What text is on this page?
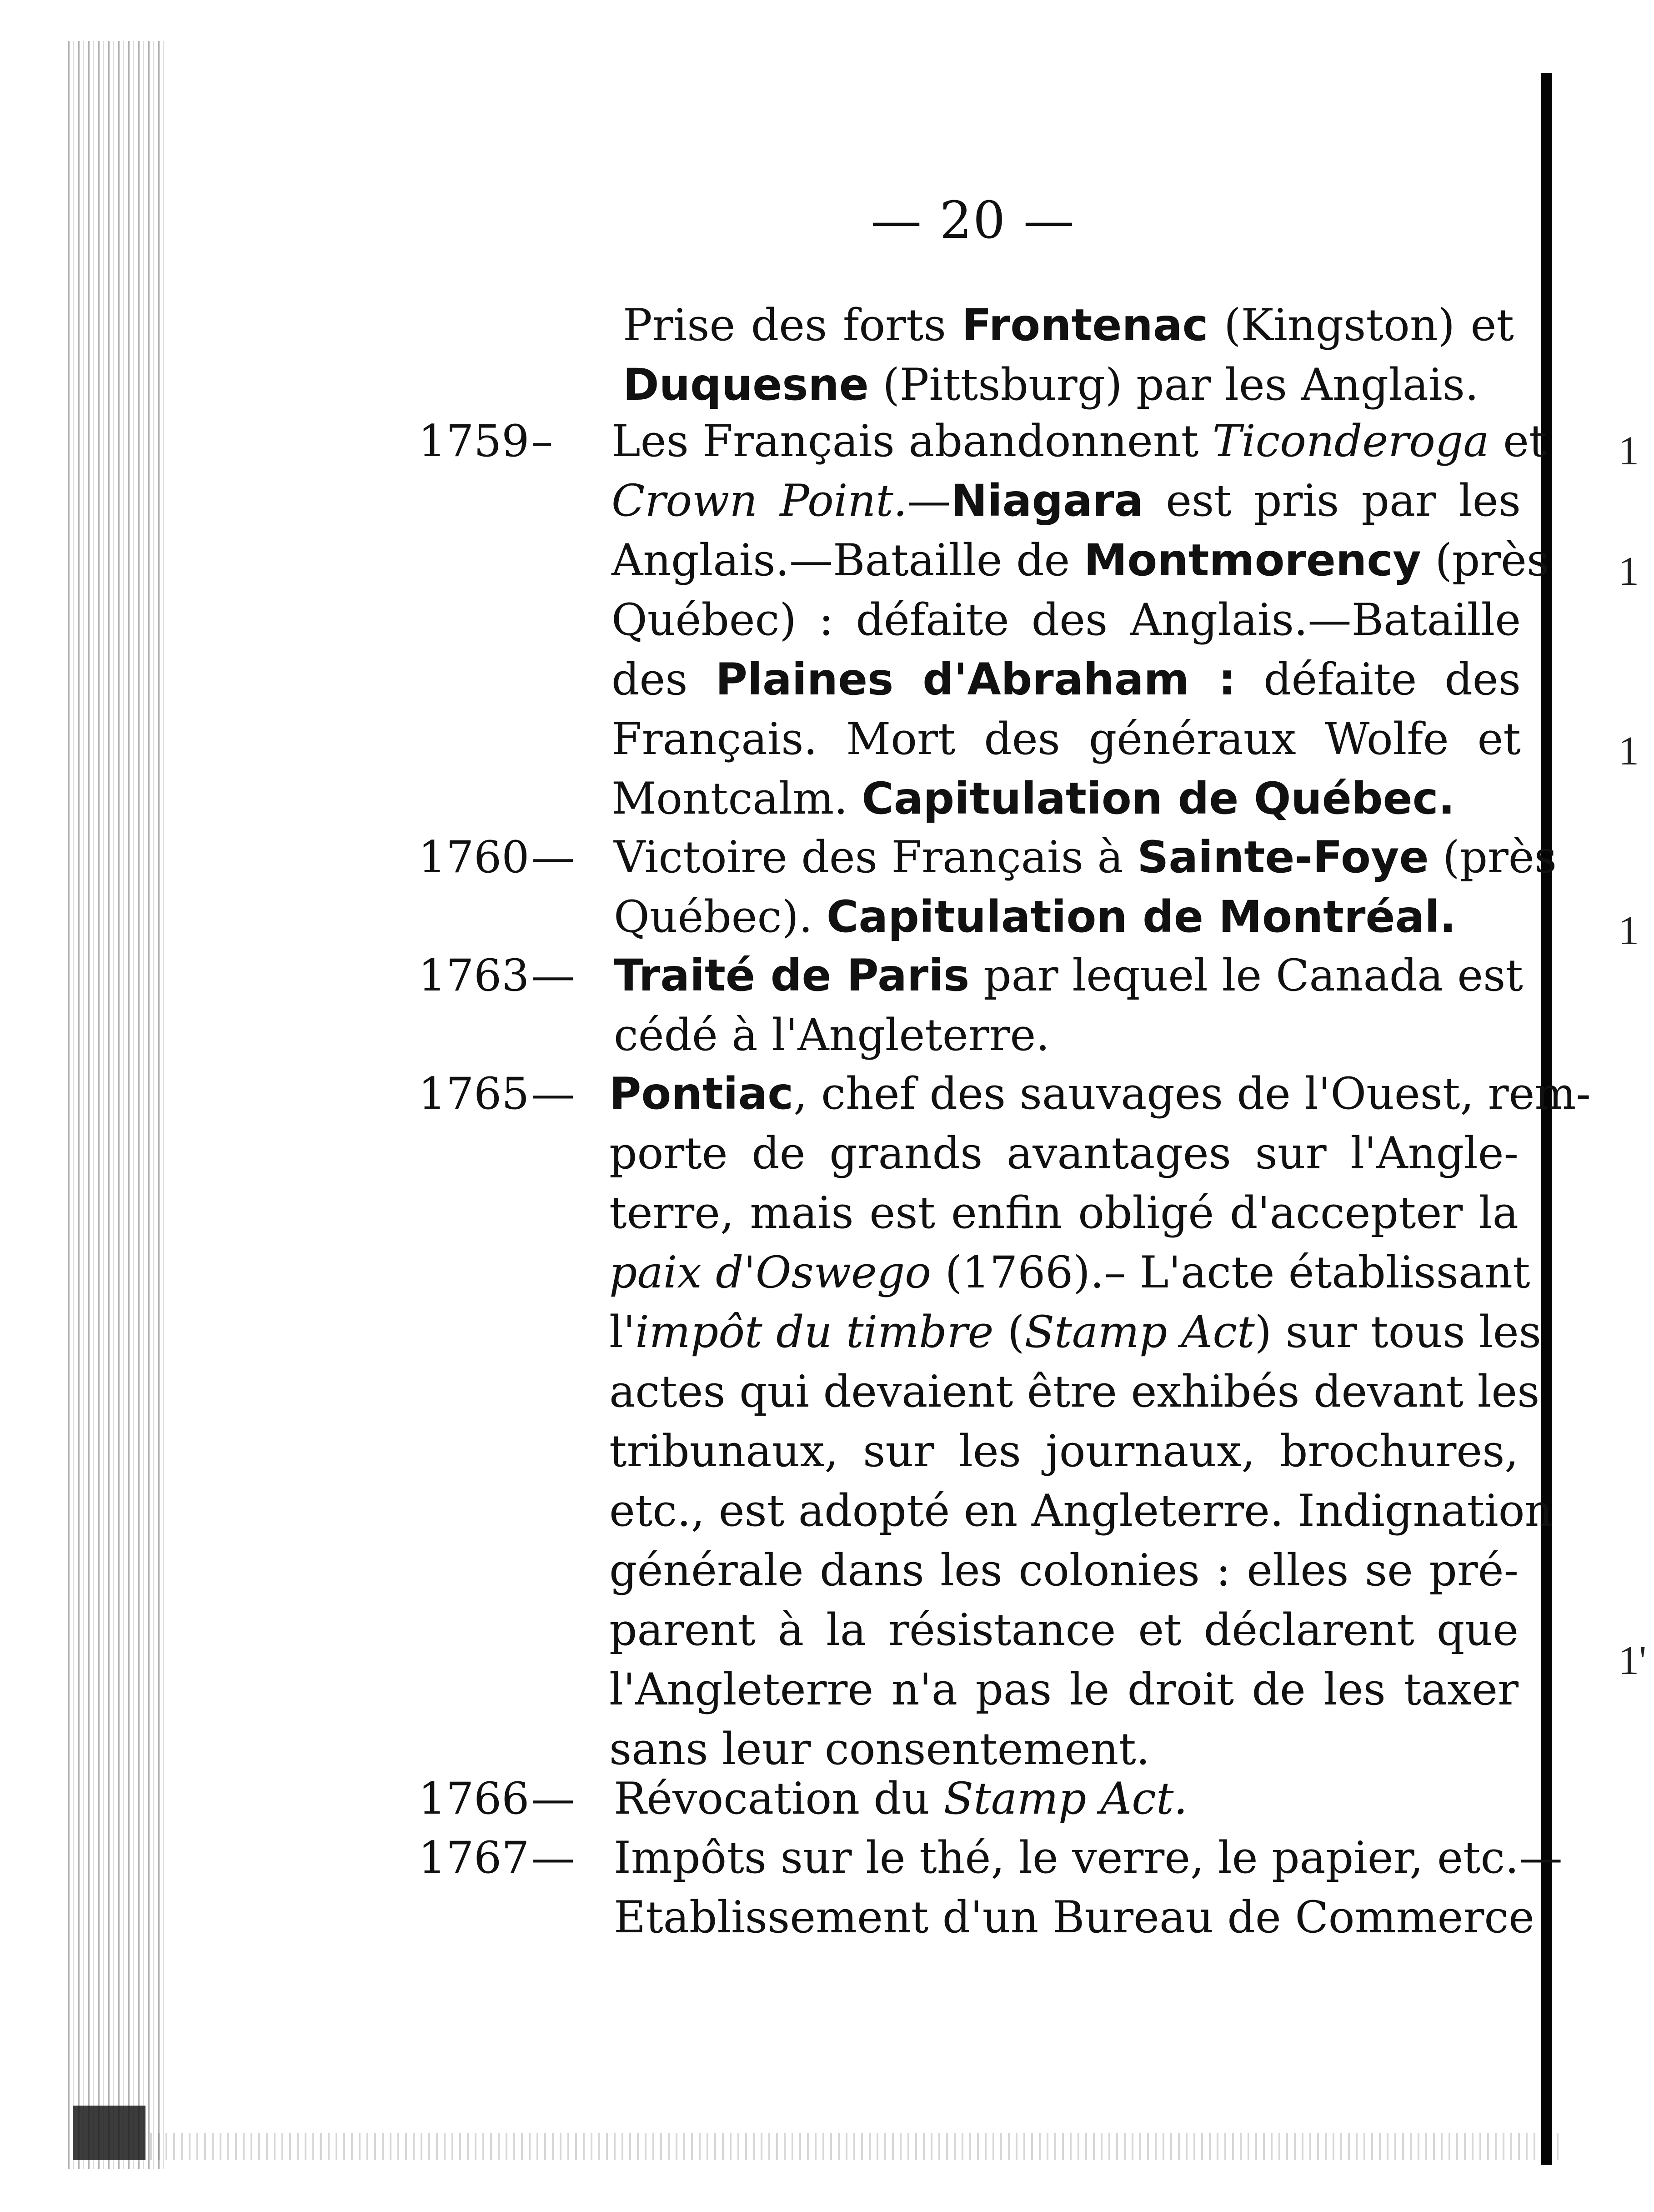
— 20 —
Prise des forts Frontenac (Kingston) et
Duquesne (Pittsburg) par les Anglais.
1759–	Les Français abandonnent Ticonderoga et
Crown Point.—Niagara est pris par les
Anglais.—Bataille de Montmorency (près
Québec) : défaite des Anglais.—Bataille
des Plaines d'Abraham : défaite des
Français. Mort des généraux Wolfe et
Montcalm. Capitulation de Québec.
1760— Victoire des Français à Sainte-Foye (près
Québec). Capitulation de Montréal.
1763— Traité de Paris par lequel le Canada est
cédé à l'Angleterre.
1765— Pontiac, chef des sauvages de l'Ouest, rem-
porte de grands avantages sur l'Angle-
terre, mais est enfin obligé d'accepter la
paix d'Oswego (1766).– L'acte établissant
l'impôt du timbre (Stamp Act) sur tous les
actes qui devaient être exhibés devant les
tribunaux, sur les journaux, brochures,
etc., est adopté en Angleterre. Indignation
générale dans les colonies : elles se pré-
parent à la résistance et déclarent que
l'Angleterre n'a pas le droit de les taxer
sans leur consentement.
1766— Révocation du Stamp Act.
1767— Impôts sur le thé, le verre, le papier, etc.—
Etablissement d'un Bureau de Commerce
1
1
1
1
1'
